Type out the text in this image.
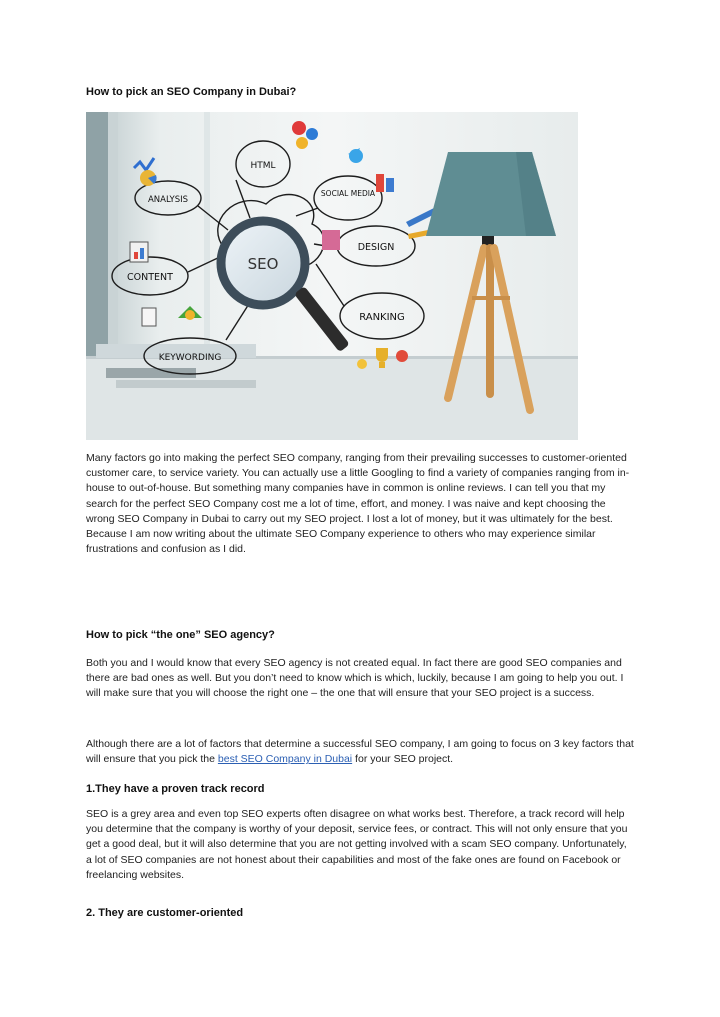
How to pick an SEO Company in Dubai?
SEO
HTML
SOCIAL MEDIA
ANALYSIS
DESIGN
CONTENT
RANKING
KEYWORDING

Many factors go into making the perfect SEO company, ranging from their prevailing successes to customer-oriented customer care, to service variety. You can actually use a little Googling to find a variety of companies ranging from in-house to out-of-house. But something many companies have in common is online reviews. I can tell you that my search for the perfect SEO Company cost me a lot of time, effort, and money. I was naive and kept choosing the wrong SEO Company in Dubai to carry out my SEO project. I lost a lot of money, but it was ultimately for the best. Because I am now writing about the ultimate SEO Company experience to others who may experience similar frustrations and confusion as I did.

How to pick “the one” SEO agency?

Both you and I would know that every SEO agency is not created equal. In fact there are good SEO companies and there are bad ones as well. But you don’t need to know which is which, luckily, because I am going to help you out. I will make sure that you will choose the right one – the one that will ensure that your SEO project is a success.

Although there are a lot of factors that determine a successful SEO company, I am going to focus on 3 key factors that will ensure that you pick the best SEO Company in Dubai for your SEO project.

1.They have a proven track record

SEO is a grey area and even top SEO experts often disagree on what works best. Therefore, a track record will help you determine that the company is worthy of your deposit, service fees, or contract. This will not only ensure that you get a good deal, but it will also determine that you are not getting involved with a scam SEO company. Unfortunately, a lot of SEO companies are not honest about their capabilities and most of the fake ones are found on Facebook or freelancing websites.

2. They are customer-oriented
